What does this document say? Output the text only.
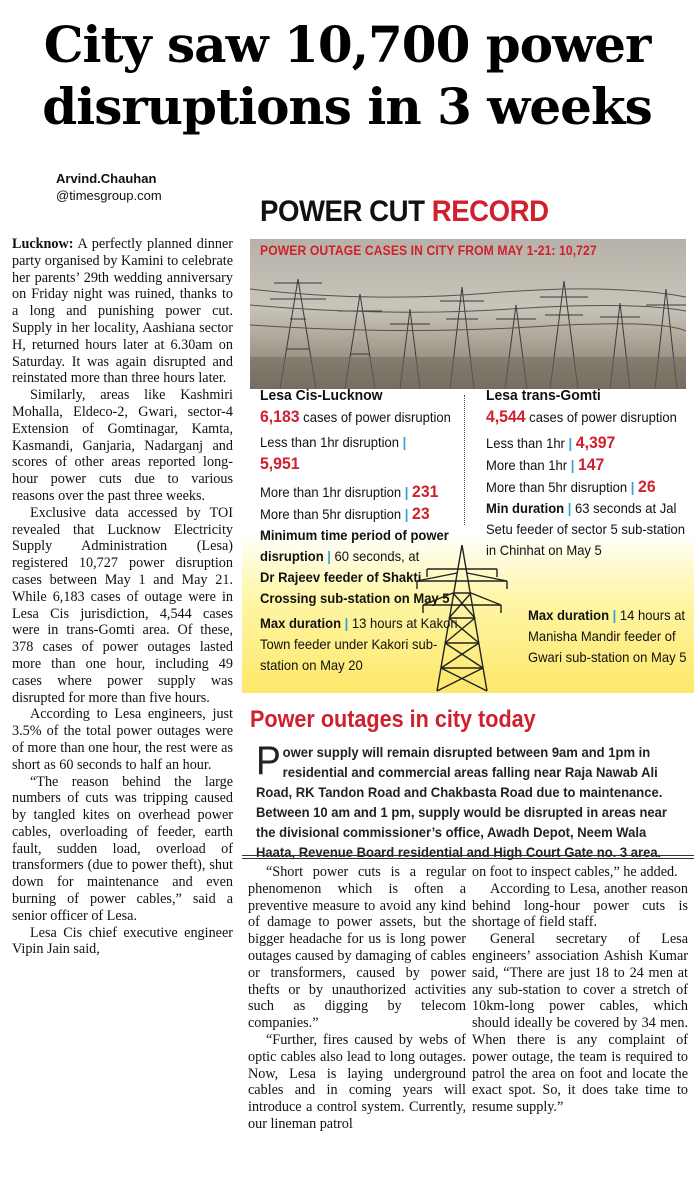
City saw 10,700 power
disruptions in 3 weeks
Arvind.Chauhan
@timesgroup.com

Lucknow: A perfectly planned dinner party organised by Kamini to celebrate her parents’ 29th wedding anniversary on Friday night was ruined, thanks to a long and punishing power cut. Supply in her locality, Aashiana sector H, returned hours later at 6.30am on Saturday. It was again disrupted and reinstated more than three hours later.

Similarly, areas like Kashmiri Mohalla, Eldeco-2, Gwari, sector-4 Extension of Gomtinagar, Kamta, Kasmandi, Ganjaria, Nadarganj and scores of other areas reported long-hour power cuts due to various reasons over the past three weeks.

Exclusive data accessed by TOI revealed that Lucknow Electricity Supply Administration (Lesa) registered 10,727 power disruption cases between May 1 and May 21. While 6,183 cases of outage were in Lesa Cis jurisdiction, 4,544 cases were in trans-Gomti area. Of these, 378 cases of power outages lasted more than one hour, including 49 cases where power supply was disrupted for more than five hours.

According to Lesa engineers, just 3.5% of the total power outages were of more than one hour, the rest were as short as 60 seconds to half an hour.

“The reason behind the large numbers of cuts was tripping caused by tangled kites on overhead power cables, overloading of feeder, earth fault, sudden load, overload of transformers (due to power theft), shut down for maintenance and even burning of power cables,” said a senior officer of Lesa.

Lesa Cis chief executive engineer Vipin Jain said,

POWER CUT RECORD
POWER OUTAGE CASES IN CITY FROM MAY 1-21: 10,727
Lesa Cis-Lucknow
6,183 cases of power disruption
Less than 1hr disruption |
5,951
More than 1hr disruption | 231
More than 5hr disruption | 23
Minimum time period of power disruption | 60 seconds, at
Dr Rajeev feeder of Shakti Crossing sub-station on May 5
Max duration | 13 hours at Kakori Town feeder under Kakori sub-station on May 20
Lesa trans-Gomti
4,544 cases of power disruption
Less than 1hr | 4,397
More than 1hr | 147
More than 5hr disruption | 26
Min duration | 63 seconds at Jal Setu feeder of sector 5 sub-station in Chinhat on May 5
Max duration | 14 hours at Manisha Mandir feeder of Gwari sub-station on May 5
Power outages in city today
Power supply will remain disrupted between 9am and 1pm in residential and commercial areas falling near Raja Nawab Ali Road, RK Tandon Road and Chakbasta Road due to maintenance. Between 10 am and 1 pm, supply would be disrupted in areas near the divisional commissioner’s office, Awadh Depot, Neem Wala Haata, Revenue Board residential and High Court Gate no. 3 area.

“Short power cuts is a regular phenomenon which is often a preventive measure to avoid any kind of damage to power assets, but the bigger headache for us is long power outages caused by damaging of cables or transformers, caused by power thefts or by unauthorized activities such as digging by telecom companies.”

“Further, fires caused by webs of optic cables also lead to long outages. Now, Lesa is laying underground cables and in coming years will introduce a control system. Currently, our lineman patrol

on foot to inspect cables,” he added.

According to Lesa, another reason behind long-hour power cuts is shortage of field staff.

General secretary of Lesa engineers’ association Ashish Kumar said, “There are just 18 to 24 men at any sub-station to cover a stretch of 10km-long power cables, which should ideally be covered by 34 men. When there is any complaint of power outage, the team is required to patrol the area on foot and locate the exact spot. So, it does take time to resume supply.”
